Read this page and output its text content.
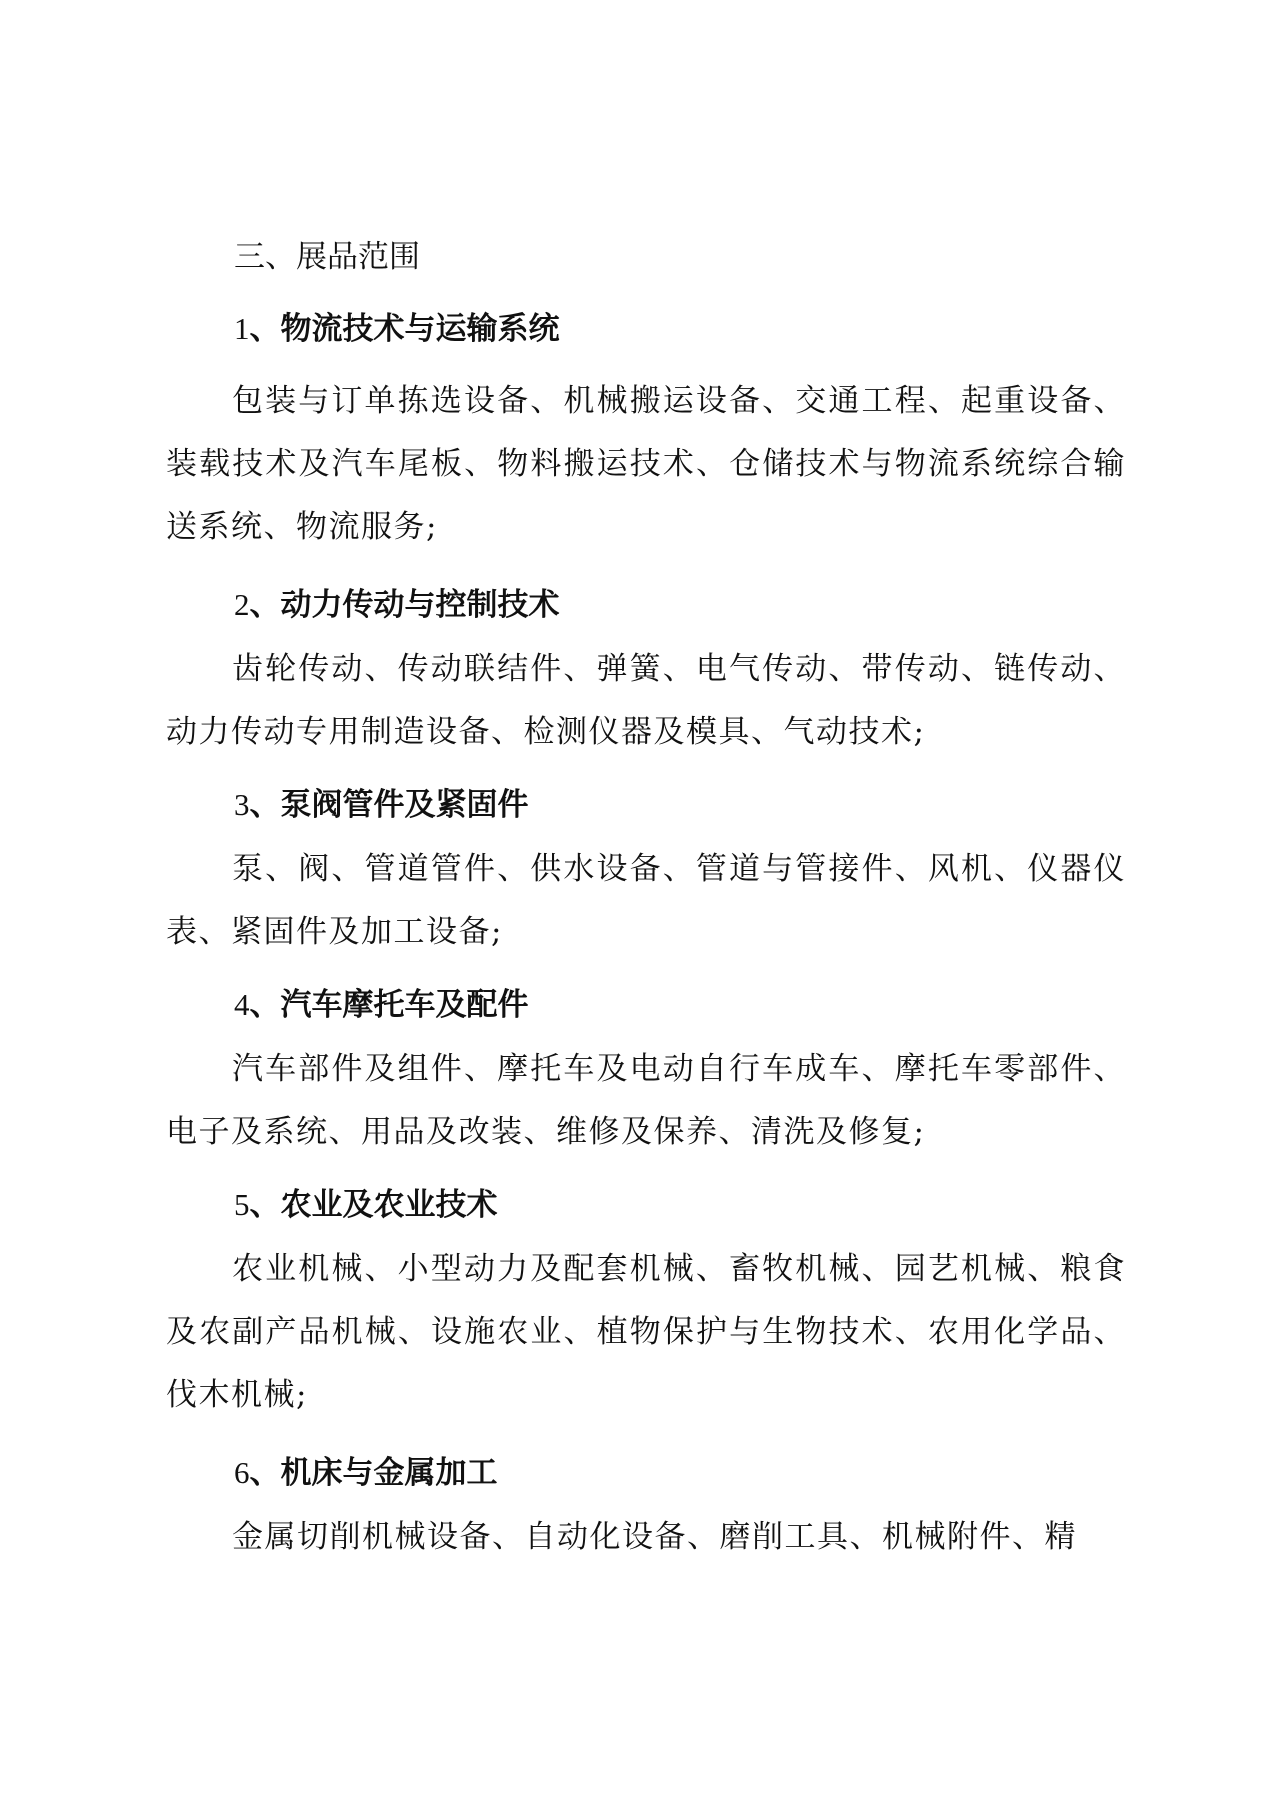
三、展品范围
1、物流技术与运输系统

包装与订单拣选设备、机械搬运设备、交通工程、起重设备、装载技术及汽车尾板、物料搬运技术、仓储技术与物流系统综合输送系统、物流服务;

2、动力传动与控制技术

齿轮传动、传动联结件、弹簧、电气传动、带传动、链传动、动力传动专用制造设备、检测仪器及模具、气动技术;

3、泵阀管件及紧固件

泵、阀、管道管件、供水设备、管道与管接件、风机、仪器仪表、紧固件及加工设备;

4、汽车摩托车及配件

汽车部件及组件、摩托车及电动自行车成车、摩托车零部件、电子及系统、用品及改装、维修及保养、清洗及修复;

5、农业及农业技术

农业机械、小型动力及配套机械、畜牧机械、园艺机械、粮食及农副产品机械、设施农业、植物保护与生物技术、农用化学品、伐木机械;

6、机床与金属加工

金属切削机械设备、自动化设备、磨削工具、机械附件、精
